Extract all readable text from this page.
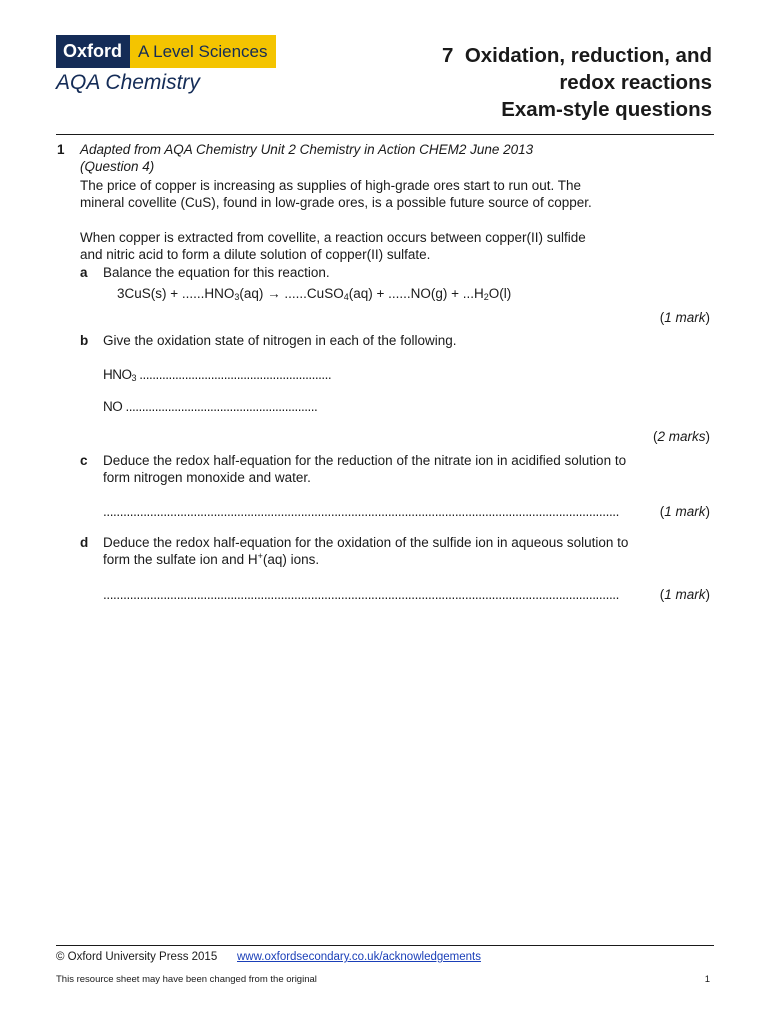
Oxford A Level Sciences
AQA Chemistry
7  Oxidation, reduction, and
redox reactions
Exam-style questions
1 Adapted from AQA Chemistry Unit 2 Chemistry in Action CHEM2 June 2013
(Question 4)
The price of copper is increasing as supplies of high-grade ores start to run out. The mineral covellite (CuS), found in low-grade ores, is a possible future source of copper.
When copper is extracted from covellite, a reaction occurs between copper(II) sulfide and nitric acid to form a dilute solution of copper(II) sulfate.
a Balance the equation for this reaction.
$3CuS(s) + ......HNO_3(aq)$ → ......CuSO$_4$(aq) + $......NO(g) + ...H_2O(l)$
(1 mark)
b Give the oxidation state of nitrogen in each of the following.
$HNO_3$ ...........................................................
NO ...........................................................
(2 marks)
c Deduce the redox half-equation for the reduction of the nitrate ion in acidified solution to form nitrogen monoxide and water.
..........................................................................................................................................................	(1 mark)
d Deduce the redox half-equation for the oxidation of the sulfide ion in aqueous solution to form the sulfate ion and H+(aq) ions.
..........................................................................................................................................................	(1 mark)
© Oxford University Press 2015 www.oxfordsecondary.co.uk/acknowledgements
This resource sheet may have been changed from the original	1
